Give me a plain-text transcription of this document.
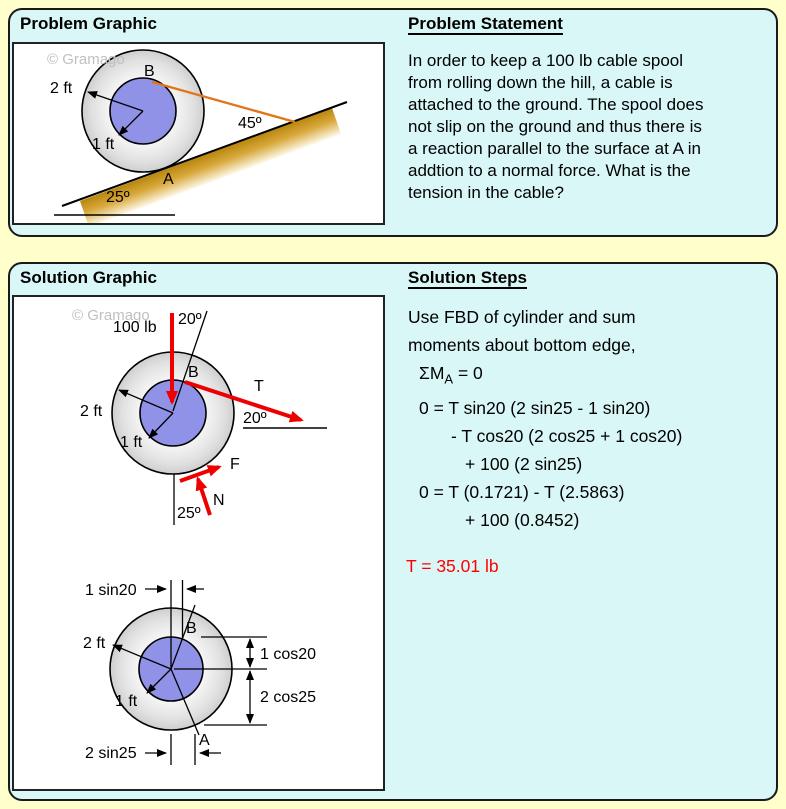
Problem Graphic	Problem Statement
In order to keep a 100 lb cable spool
from rolling down the hill, a cable is
attached to the ground. The spool does
not slip on the ground and thus there is
a reaction parallel to the surface at A in
addtion to a normal force. What is the
tension in the cable?
© Gramago
2 ft
1 ft
B
45º
A
25º
Solution Graphic	Solution Steps
Use FBD of cylinder and sum
moments about bottom edge,
$\Sigma M_A = 0$
0 = T sin20 (2 sin25 - 1 sin20)
- T cos20 (2 cos25 + 1 cos20)
+ 100 (2 sin25)
0 = T (0.1721) - T (2.5863)
+ 100 (0.8452)
T = 35.01 lb
© Gramago
100 lb 20º
B
T
20º
2 ft
1 ft
F
N
25º
1 sin20
B
2 ft
1 ft
1 cos20
2 cos25
A
2 sin25
